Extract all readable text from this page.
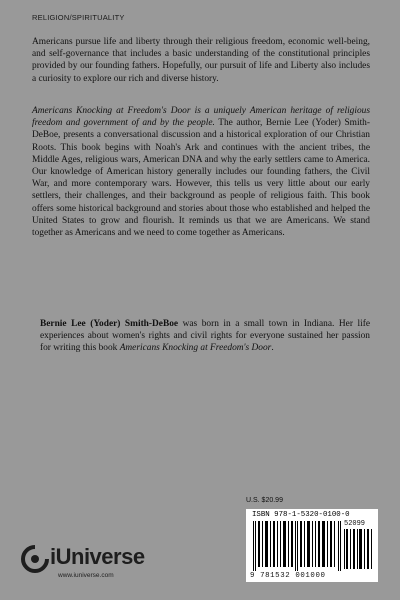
RELIGION/SPIRITUALITY

Americans pursue life and liberty through their religious freedom, economic well-being, and self-governance that includes a basic understanding of the constitutional principles provided by our founding fathers. Hopefully, our pursuit of life and Liberty also includes a curiosity to explore our rich and diverse history.

Americans Knocking at Freedom's Door is a uniquely American heritage of religious freedom and government of and by the people. The author, Bernie Lee (Yoder) Smith- DeBoe, presents a conversational discussion and a historical exploration of our Christian Roots. This book begins with Noah's Ark and continues with the ancient tribes, the Middle Ages, religious wars, American DNA and why the early settlers came to America. Our knowledge of American history generally includes our founding fathers, the Civil War, and more contemporary wars. However, this tells us very little about our early settlers, their challenges, and their background as people of religious faith. This book offers some historical background and stories about those who established and helped the United States to grow and flourish. It reminds us that we are Americans. We stand together as Americans and we need to come together as Americans.

Bernie Lee (Yoder) Smith-DeBoe was born in a small town in Indiana. Her life experiences about women's rights and civil rights for everyone sustained her passion for writing this book Americans Knocking at Freedom's Door.

U.S. $20.99
ISBN 978-1-5320-0100-0
52099
9 781532 001000
iUniverse
www.iuniverse.com
